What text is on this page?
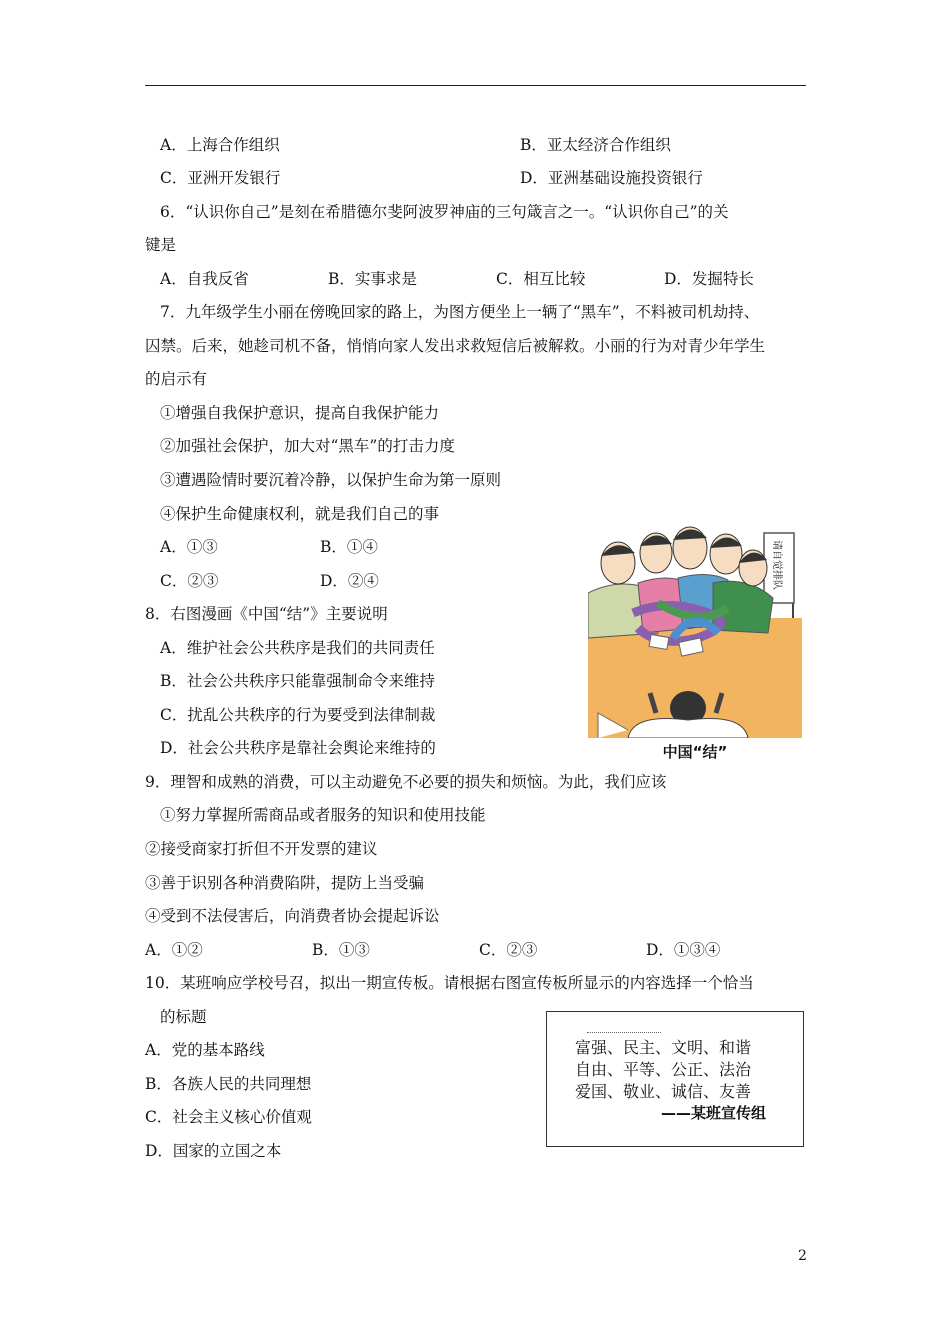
A．上海合作组织	B．亚太经济合作组织
C．亚洲开发银行	D．亚洲基础设施投资银行
6．“认识你自己”是刻在希腊德尔斐阿波罗神庙的三句箴言之一。“认识你自己”的关
键是
A．自我反省	B．实事求是	C．相互比较	D．发掘特长
7．九年级学生小丽在傍晚回家的路上，为图方便坐上一辆了“黑车”，不料被司机劫持、
囚禁。后来，她趁司机不备，悄悄向家人发出求救短信后被解救。小丽的行为对青少年学生
的启示有
①增强自我保护意识，提高自我保护能力
②加强社会保护，加大对“黑车”的打击力度
③遭遇险情时要沉着冷静，以保护生命为第一原则
④保护生命健康权利，就是我们自己的事
A．①③	B．①④
C．②③	D．②④
8．右图漫画《中国“结”》主要说明
A．维护社会公共秩序是我们的共同责任
B．社会公共秩序只能靠强制命令来维持
C．扰乱公共秩序的行为要受到法律制裁
D．社会公共秩序是靠社会舆论来维持的
请自觉排队
中国“结”
9．理智和成熟的消费，可以主动避免不必要的损失和烦恼。为此，我们应该
①努力掌握所需商品或者服务的知识和使用技能
②接受商家打折但不开发票的建议
③善于识别各种消费陷阱，提防上当受骗
④受到不法侵害后，向消费者协会提起诉讼
A．①②	B．①③	C．②③	D．①③④
10．某班响应学校号召，拟出一期宣传板。请根据右图宣传板所显示的内容选择一个恰当
的标题
A．党的基本路线
B．各族人民的共同理想
C．社会主义核心价值观
D．国家的立国之本
富强、民主、文明、和谐
自由、平等、公正、法治
爱国、敬业、诚信、友善
——某班宣传组
2
